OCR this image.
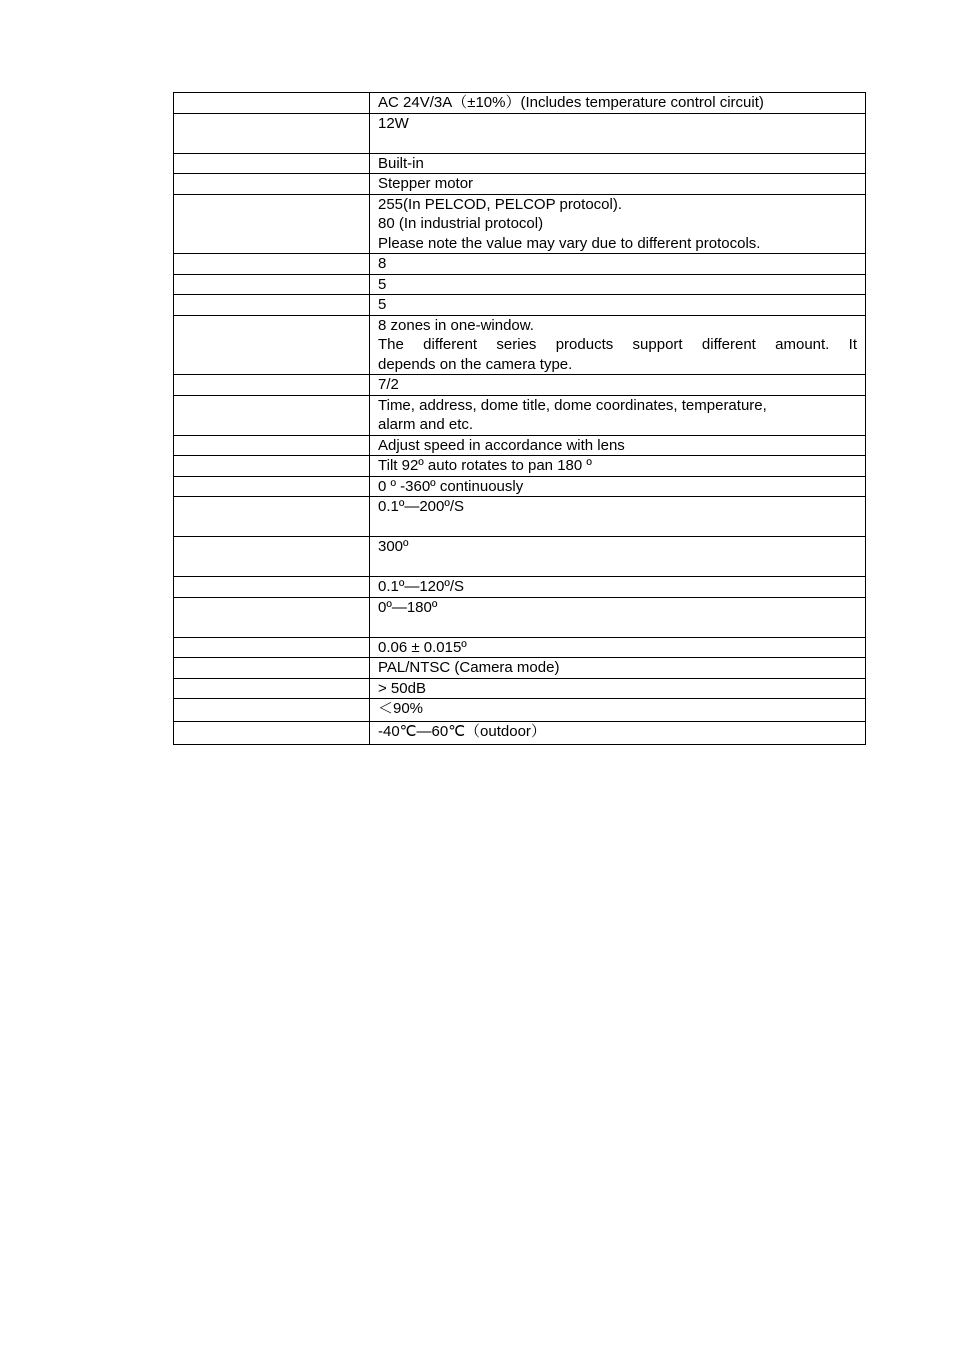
	AC 24V/3A（±10%）(Includes temperature control circuit)

	12W

	Built-in

	Stepper motor

	255(In PELCOD, PELCOP protocol).
80 (In industrial protocol)
Please note the value may vary due to different protocols.

	8

	5

	5

	8 zones in one-window.
The different series products support different amount. It
depends on the camera type.

	7/2

	Time, address, dome title, dome coordinates, temperature,
alarm and etc.

	Adjust speed in accordance with lens

	Tilt 92º auto rotates to pan 180 º

	0 º -360º continuously

	0.1º—200º/S

	300º

	0.1º—120º/S

	0º—180º

	0.06 ± 0.015º

	PAL/NTSC (Camera mode)

	> 50dB

	＜90%

	-40℃—60℃（outdoor）
